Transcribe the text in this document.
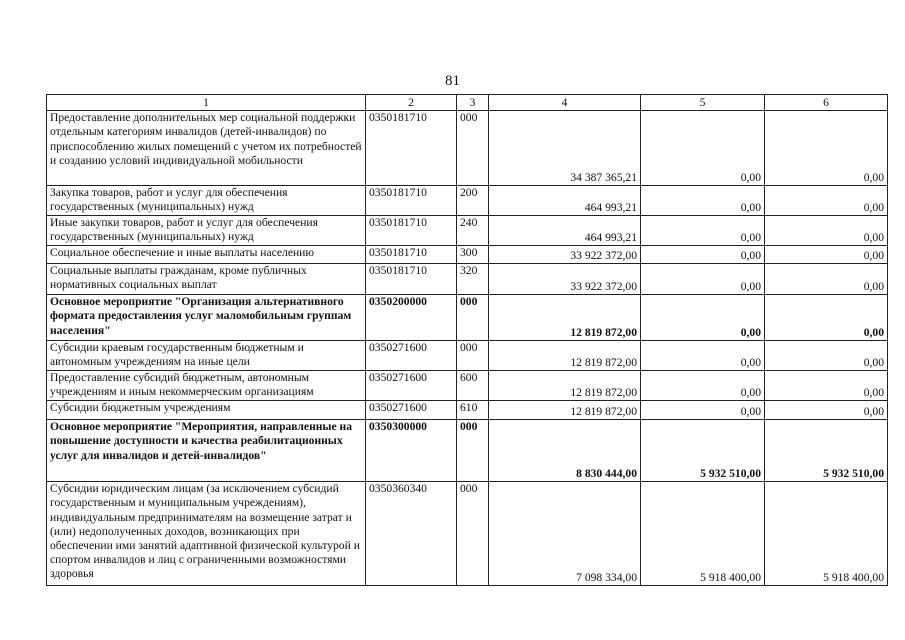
81
1	2	3	4	5	6
Предоставление дополнительных мер социальной поддержки отдельным категориям инвалидов (детей-инвалидов) по приспособлению жилых помещений с учетом их потребностей и созданию условий индивидуальной мобильности	0350181710	000	34 387 365,21	0,00	0,00
Закупка товаров, работ и услуг для обеспечения государственных (муниципальных) нужд	0350181710	200	464 993,21	0,00	0,00
Иные закупки товаров, работ и услуг для обеспечения государственных (муниципальных) нужд	0350181710	240	464 993,21	0,00	0,00
Социальное обеспечение и иные выплаты населению	0350181710	300	33 922 372,00	0,00	0,00
Социальные выплаты гражданам, кроме публичных нормативных социальных выплат	0350181710	320	33 922 372,00	0,00	0,00
Основное мероприятие "Организация альтернативного формата предоставления услуг маломобильным группам населения"	0350200000	000	12 819 872,00	0,00	0,00
Субсидии краевым государственным бюджетным и автономным учреждениям на иные цели	0350271600	000	12 819 872,00	0,00	0,00
Предоставление субсидий бюджетным, автономным учреждениям и иным некоммерческим организациям	0350271600	600	12 819 872,00	0,00	0,00
Субсидии бюджетным учреждениям	0350271600	610	12 819 872,00	0,00	0,00
Основное мероприятие "Мероприятия, направленные на повышение доступности и качества реабилитационных услуг для инвалидов и детей-инвалидов"	0350300000	000	8 830 444,00	5 932 510,00	5 932 510,00
Субсидии юридическим лицам (за исключением субсидий государственным и муниципальным учреждениям), индивидуальным предпринимателям на возмещение затрат и (или) недополученных доходов, возникающих при обеспечении ими занятий адаптивной физической культурой и спортом инвалидов и лиц с ограниченными возможностями здоровья	0350360340	000	7 098 334,00	5 918 400,00	5 918 400,00
